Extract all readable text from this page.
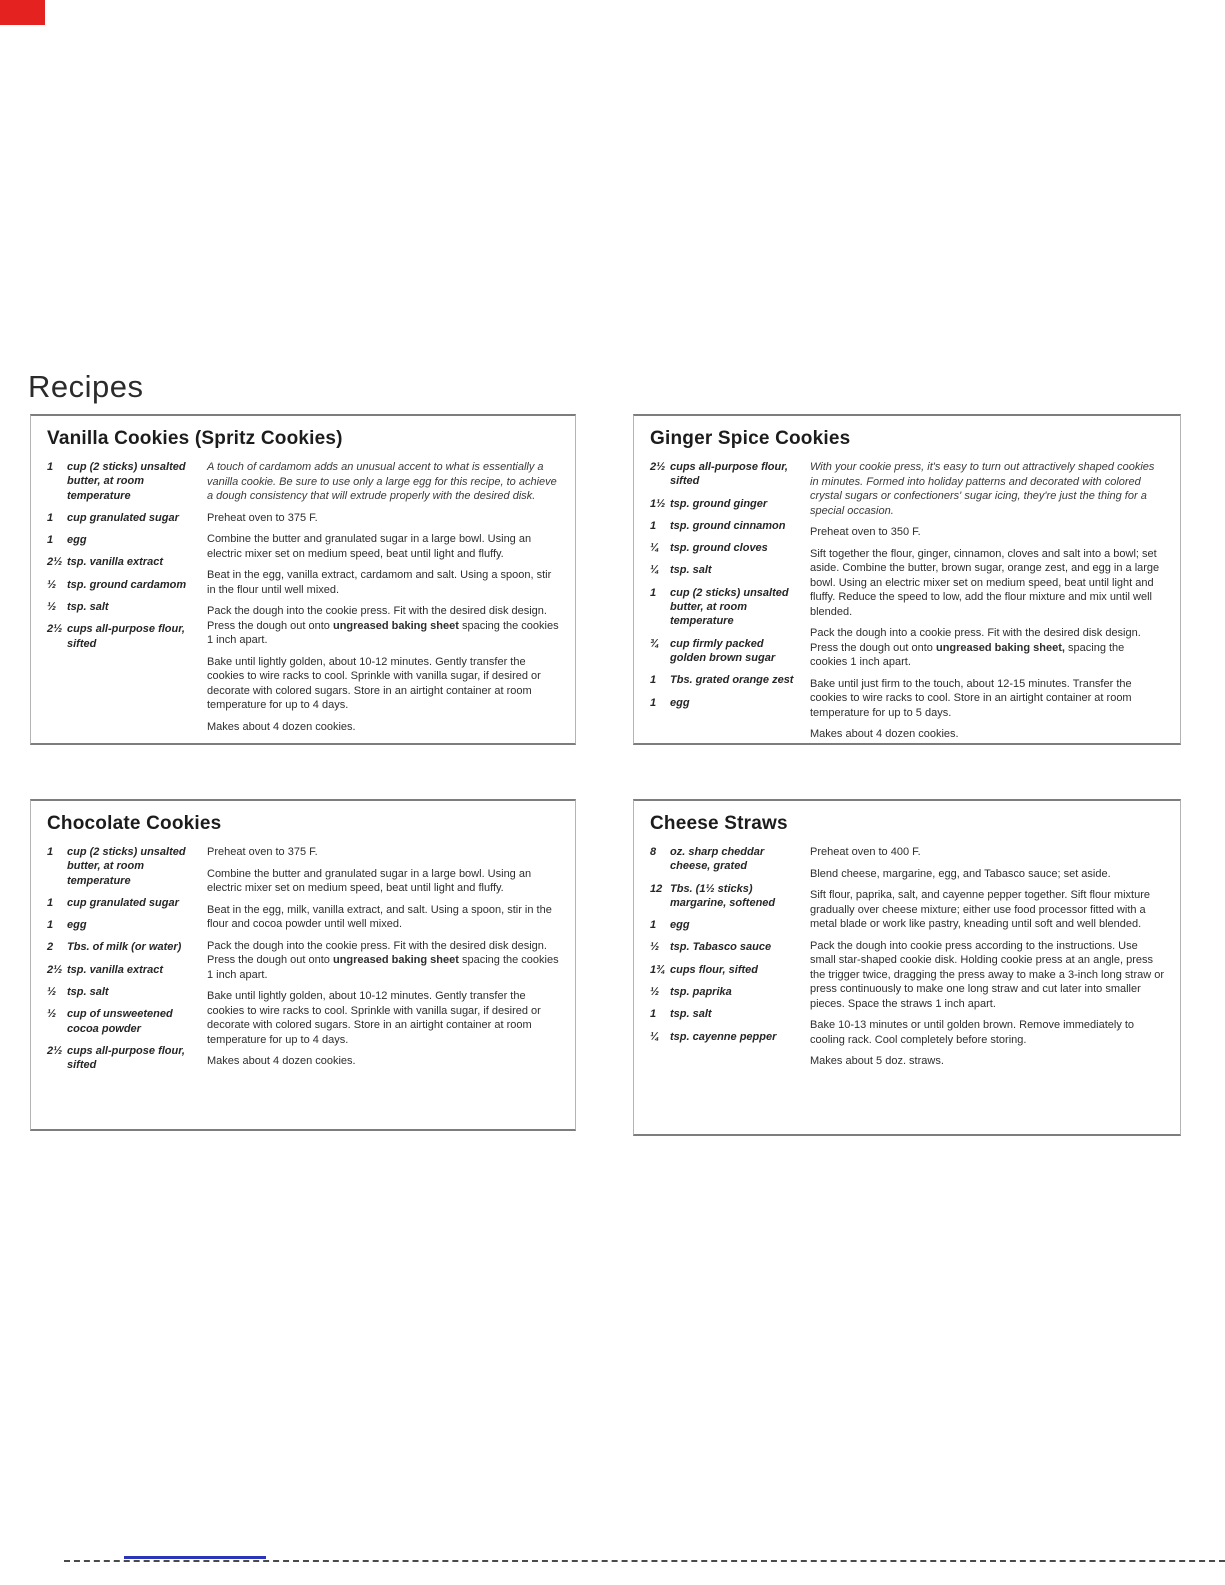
Recipes
Vanilla Cookies (Spritz Cookies)
1	cup (2 sticks) unsalted butter, at room temperature
1	cup granulated sugar
1	egg
2½ tsp. vanilla extract
½ tsp. ground cardamom
½ tsp. salt
2½ cups all-purpose flour, sifted

A touch of cardamom adds an unusual accent to what is essentially a vanilla cookie. Be sure to use only a large egg for this recipe, to achieve a dough consistency that will extrude properly with the desired disk.

Preheat oven to 375 F.

Combine the butter and granulated sugar in a large bowl. Using an electric mixer set on medium speed, beat until light and fluffy.

Beat in the egg, vanilla extract, cardamom and salt. Using a spoon, stir in the flour until well mixed.

Pack the dough into the cookie press. Fit with the desired disk design. Press the dough out onto ungreased baking sheet spacing the cookies 1 inch apart.

Bake until lightly golden, about 10-12 minutes. Gently transfer the cookies to wire racks to cool. Sprinkle with vanilla sugar, if desired or decorate with colored sugars. Store in an airtight container at room temperature for up to 4 days.

Makes about 4 dozen cookies.

Ginger Spice Cookies
2½ cups all-purpose flour, sifted
1½ tsp. ground ginger
1	tsp. ground cinnamon
¼ tsp. ground cloves
¼ tsp. salt
1	cup (2 sticks) unsalted butter, at room temperature
¾ cup firmly packed golden brown sugar
1	Tbs. grated orange zest
1	egg

With your cookie press, it's easy to turn out attractively shaped cookies in minutes. Formed into holiday patterns and decorated with colored crystal sugars or confectioners' sugar icing, they're just the thing for a special occasion.

Preheat oven to 350 F.

Sift together the flour, ginger, cinnamon, cloves and salt into a bowl; set aside. Combine the butter, brown sugar, orange zest, and egg in a large bowl. Using an electric mixer set on medium speed, beat until light and fluffy. Reduce the speed to low, add the flour mixture and mix until well blended.

Pack the dough into a cookie press. Fit with the desired disk design. Press the dough out onto ungreased baking sheet, spacing the cookies 1 inch apart.

Bake until just firm to the touch, about 12-15 minutes. Transfer the cookies to wire racks to cool. Store in an airtight container at room temperature for up to 5 days.

Makes about 4 dozen cookies.

Chocolate Cookies
1	cup (2 sticks) unsalted butter, at room temperature
1	cup granulated sugar
1	egg
2	Tbs. of milk (or water)
2½ tsp. vanilla extract
½ tsp. salt
½ cup of unsweetened cocoa powder
2½ cups all-purpose flour, sifted

Preheat oven to 375 F.

Combine the butter and granulated sugar in a large bowl. Using an electric mixer set on medium speed, beat until light and fluffy.

Beat in the egg, milk, vanilla extract, and salt. Using a spoon, stir in the flour and cocoa powder until well mixed.

Pack the dough into the cookie press. Fit with the desired disk design. Press the dough out onto ungreased baking sheet spacing the cookies 1 inch apart.

Bake until lightly golden, about 10-12 minutes. Gently transfer the cookies to wire racks to cool. Sprinkle with vanilla sugar, if desired or decorate with colored sugars. Store in an airtight container at room temperature for up to 4 days.

Makes about 4 dozen cookies.

Cheese Straws
8	oz. sharp cheddar cheese, grated
12 Tbs. (1½ sticks) margarine, softened
1	egg
½ tsp. Tabasco sauce
1¾ cups flour, sifted
½ tsp. paprika
1	tsp. salt
¼ tsp. cayenne pepper

Preheat oven to 400 F.

Blend cheese, margarine, egg, and Tabasco sauce; set aside.

Sift flour, paprika, salt, and cayenne pepper together. Sift flour mixture gradually over cheese mixture; either use food processor fitted with a metal blade or work like pastry, kneading until soft and well blended.

Pack the dough into cookie press according to the instructions. Use small star-shaped cookie disk. Holding cookie press at an angle, press the trigger twice, dragging the press away to make a 3-inch long straw or press continuously to make one long straw and cut later into smaller pieces. Space the straws 1 inch apart.

Bake 10-13 minutes or until golden brown. Remove immediately to cooling rack. Cool completely before storing.

Makes about 5 doz. straws.
